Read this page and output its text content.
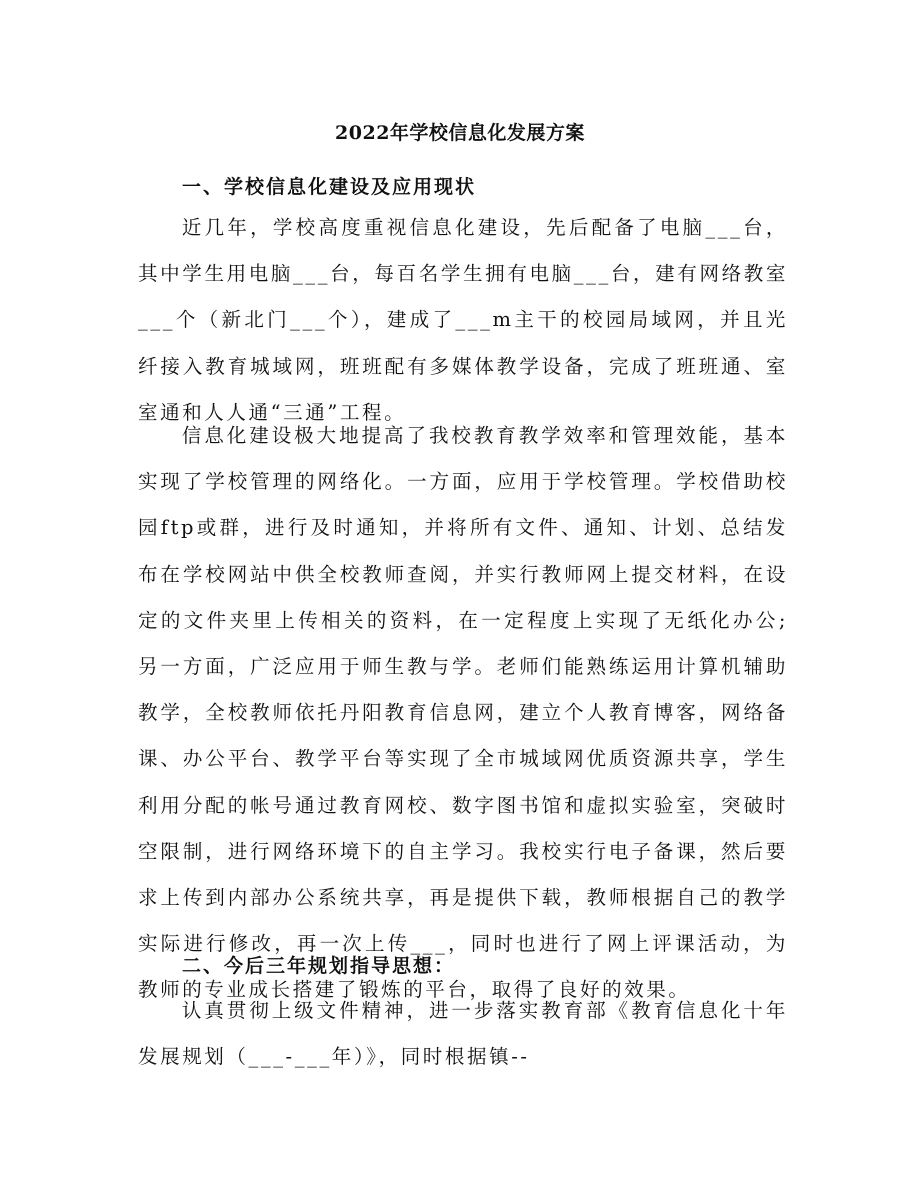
2022年学校信息化发展方案
一、学校信息化建设及应用现状

近几年，学校高度重视信息化建设，先后配备了电脑___台，其中学生用电脑___台，每百名学生拥有电脑___台，建有网络教室___个（新北门___个），建成了___m主干的校园局域网，并且光纤接入教育城域网，班班配有多媒体教学设备，完成了班班通、室室通和人人通“三通”工程。

信息化建设极大地提高了我校教育教学效率和管理效能，基本实现了学校管理的网络化。一方面，应用于学校管理。学校借助校园ftp或群，进行及时通知，并将所有文件、通知、计划、总结发布在学校网站中供全校教师查阅，并实行教师网上提交材料，在设定的文件夹里上传相关的资料，在一定程度上实现了无纸化办公;另一方面，广泛应用于师生教与学。老师们能熟练运用计算机辅助教学，全校教师依托丹阳教育信息网，建立个人教育博客，网络备课、办公平台、教学平台等实现了全市城域网优质资源共享，学生利用分配的帐号通过教育网校、数字图书馆和虚拟实验室，突破时空限制，进行网络环境下的自主学习。我校实行电子备课，然后要求上传到内部办公系统共享，再是提供下载，教师根据自己的教学实际进行修改，再一次上传___，同时也进行了网上评课活动，为教师的专业成长搭建了锻炼的平台，取得了良好的效果。

二、今后三年规划指导思想：

认真贯彻上级文件精神，进一步落实教育部《教育信息化十年发展规划（___-___年）》，同时根据镇--
